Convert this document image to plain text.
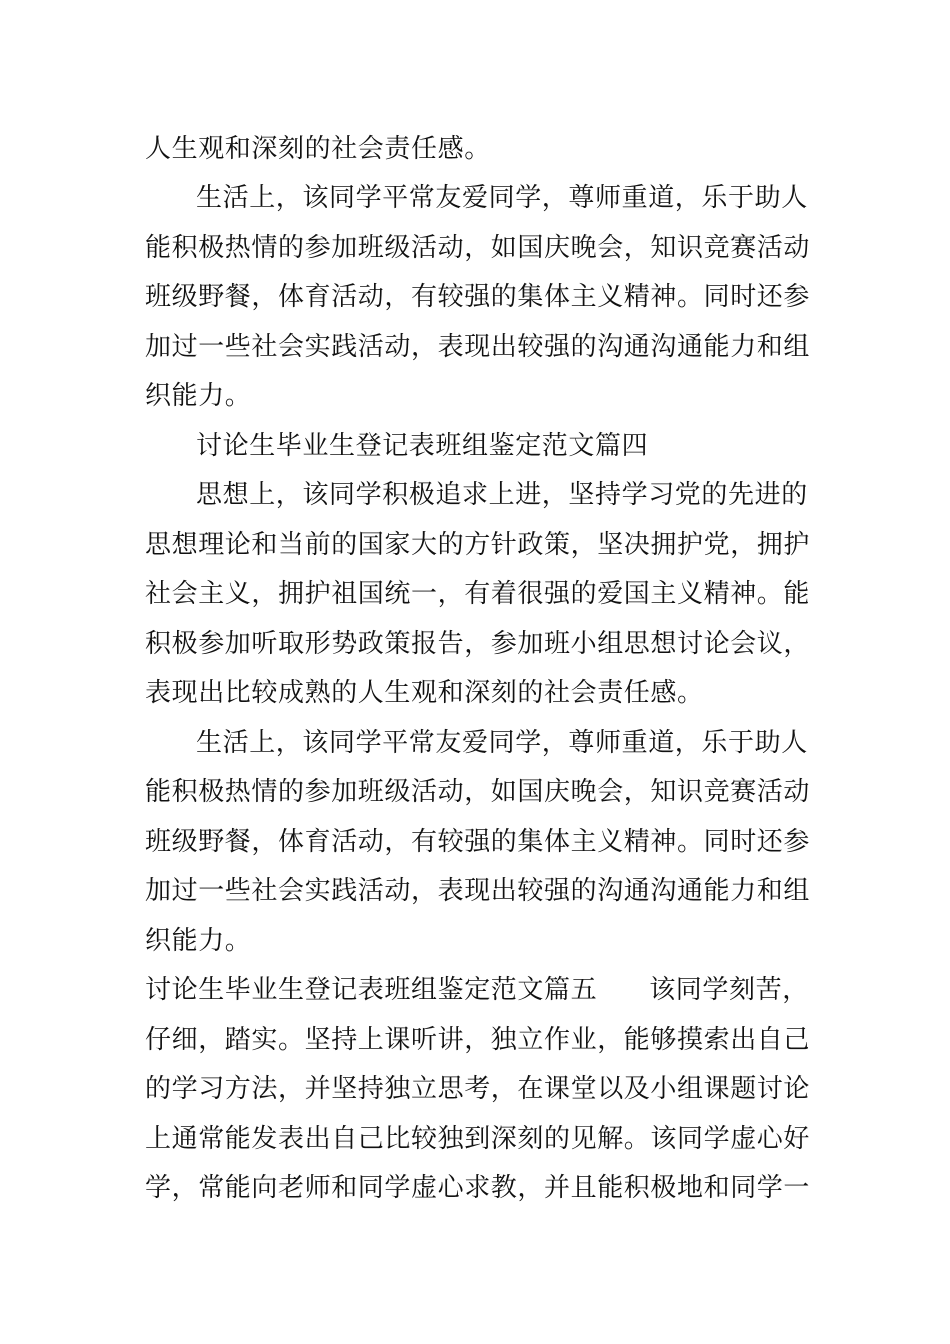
人生观和深刻的社会责任感。
生活上，该同学平常友爱同学，尊师重道，乐于助人
能积极热情的参加班级活动，如国庆晚会，知识竞赛活动
班级野餐，体育活动，有较强的集体主义精神。同时还参
加过一些社会实践活动，表现出较强的沟通沟通能力和组
织能力。
讨论生毕业生登记表班组鉴定范文篇四
思想上，该同学积极追求上进，坚持学习党的先进的
思想理论和当前的国家大的方针政策，坚决拥护党，拥护
社会主义，拥护祖国统一，有着很强的爱国主义精神。能
积极参加听取形势政策报告，参加班小组思想讨论会议，
表现出比较成熟的人生观和深刻的社会责任感。
生活上，该同学平常友爱同学，尊师重道，乐于助人
能积极热情的参加班级活动，如国庆晚会，知识竞赛活动
班级野餐，体育活动，有较强的集体主义精神。同时还参
加过一些社会实践活动，表现出较强的沟通沟通能力和组
织能力。
讨论生毕业生登记表班组鉴定范文篇五 该同学刻苦，
仔细，踏实。坚持上课听讲，独立作业，能够摸索出自己
的学习方法，并坚持独立思考，在课堂以及小组课题讨论
上通常能发表出自己比较独到深刻的见解。该同学虚心好
学，常能向老师和同学虚心求教，并且能积极地和同学一
